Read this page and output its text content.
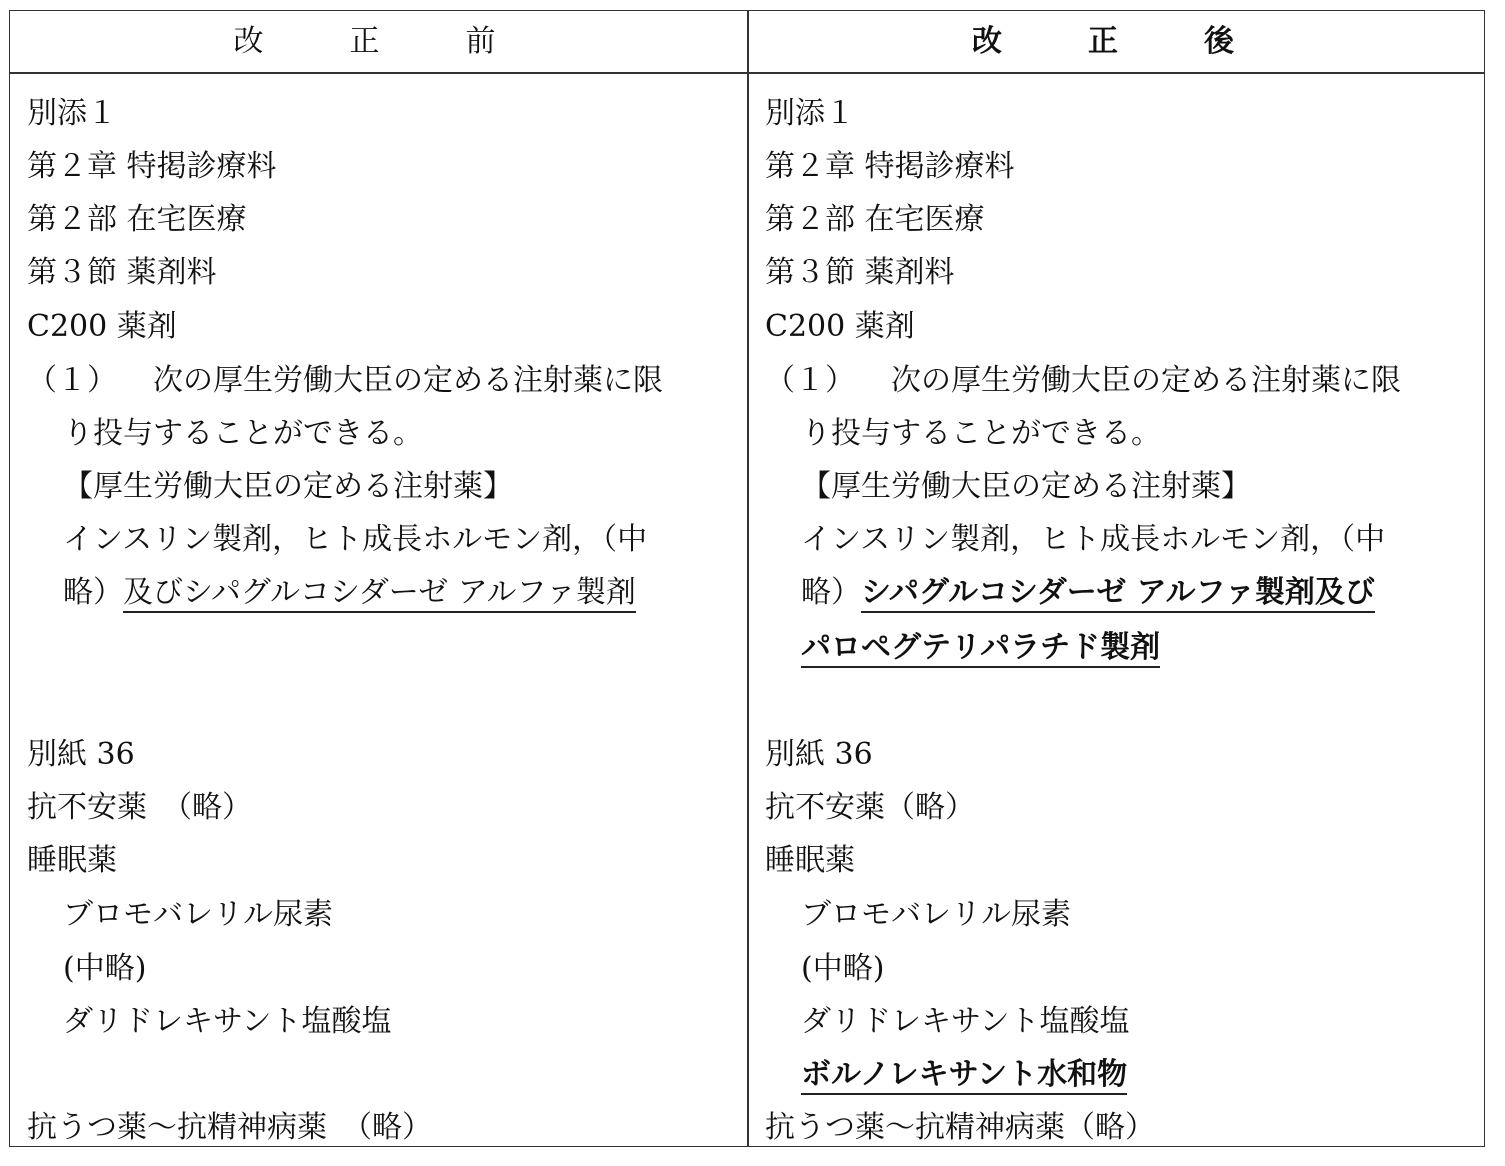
改　正　前	改　正　後
別添１
第２章 特掲診療料
第２部 在宅医療
第３節 薬剤料
C200 薬剤
（１） 次の厚生労働大臣の定める注射薬に限
り投与することができる。
【厚生労働大臣の定める注射薬】
インスリン製剤，ヒト成長ホルモン剤，（中
略）及びシパグルコシダーゼ アルファ製剤
別紙 36
抗不安薬　（略）
睡眠薬
ブロモバレリル尿素
(中略)
ダリドレキサント塩酸塩
抗うつ薬～抗精神病薬　（略）
別添１
第２章 特掲診療料
第２部 在宅医療
第３節 薬剤料
C200 薬剤
（１） 次の厚生労働大臣の定める注射薬に限
り投与することができる。
【厚生労働大臣の定める注射薬】
インスリン製剤，ヒト成長ホルモン剤，（中
略）シパグルコシダーゼ アルファ製剤及び
パロペグテリパラチド製剤
別紙 36
抗不安薬（略）
睡眠薬
ブロモバレリル尿素
(中略)
ダリドレキサント塩酸塩
ボルノレキサント水和物
抗うつ薬～抗精神病薬（略）
